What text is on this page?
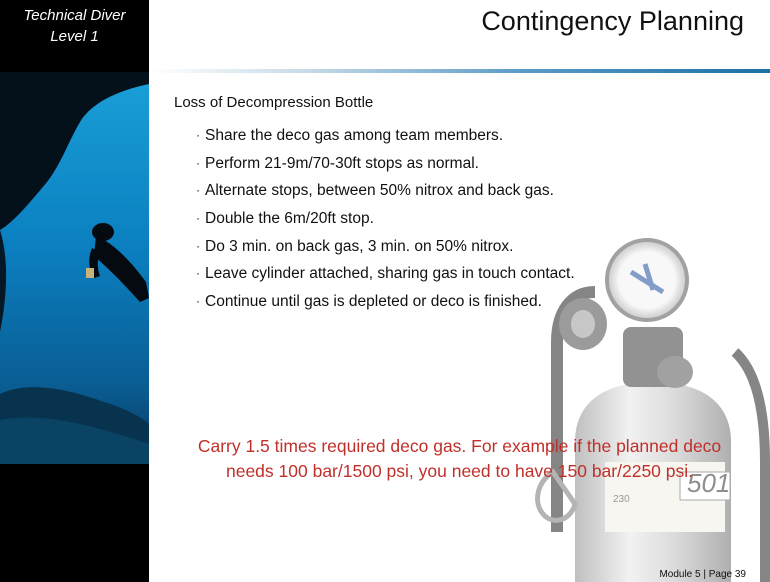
Technical Diver
Level 1
Contingency Planning
501
230
Loss of Decompression Bottle
· Share the deco gas among team members.
· Perform 21-9m/70-30ft stops as normal.
· Alternate stops, between 50% nitrox and back gas.
· Double the 6m/20ft stop.
· Do 3 min. on back gas, 3 min. on 50% nitrox.
· Leave cylinder attached, sharing gas in touch contact.
· Continue until gas is depleted or deco is finished.
Carry 1.5 times required deco gas. For example if the planned deco needs 100 bar/1500 psi, you need to have 150 bar/2250 psi.
Module 5 | Page 39
